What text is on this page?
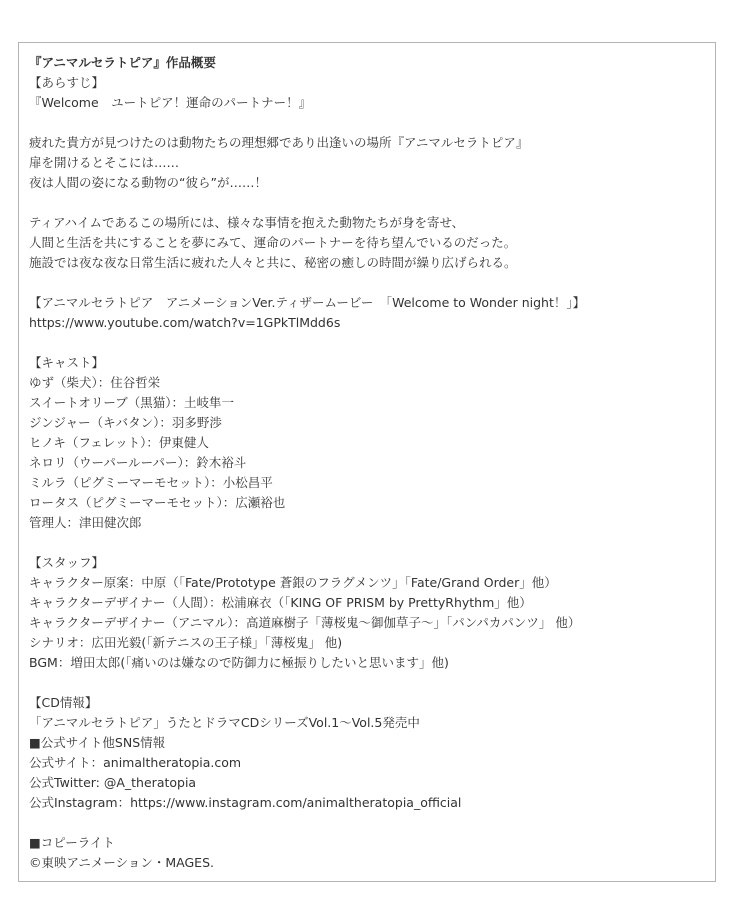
『アニマルセラトピア』作品概要
【あらすじ】
『Welcome　ユートピア！運命のパートナー！』
疲れた貴方が見つけたのは動物たちの理想郷であり出逢いの場所『アニマルセラトピア』
扉を開けるとそこには……
夜は人間の姿になる動物の“彼ら”が……！
ティアハイムであるこの場所には、様々な事情を抱えた動物たちが身を寄せ、
人間と生活を共にすることを夢にみて、運命のパートナーを待ち望んでいるのだった。
施設では夜な夜な日常生活に疲れた人々と共に、秘密の癒しの時間が繰り広げられる。
【アニマルセラトピア　アニメーションVer.ティザームービー　「Welcome to Wonder night！」】
https://www.youtube.com/watch?v=1GPkTlMdd6s
【キャスト】
ゆず（柴犬）：住谷哲栄
スイートオリーブ（黒猫）：土岐隼一
ジンジャー（キバタン）：羽多野渉
ヒノキ（フェレット）：伊東健人
ネロリ（ウーパールーパー）：鈴木裕斗
ミルラ（ピグミーマーモセット）：小松昌平
ロータス（ピグミーマーモセット）：広瀬裕也
管理人：津田健次郎
【スタッフ】
キャラクター原案：中原（「Fate/Prototype 蒼銀のフラグメンツ」「Fate/Grand Order」他）
キャラクターデザイナー（人間）：松浦麻衣（「KING OF PRISM by PrettyRhythm」他）
キャラクターデザイナー（アニマル）：高道麻樹子「薄桜鬼〜御伽草子〜」「パンパカパンツ」 他）
シナリオ：広田光毅(「新テニスの王子様」「薄桜鬼」 他)
BGM：増田太郎(「痛いのは嫌なので防御力に極振りしたいと思います」他)
【CD情報】
「アニマルセラトピア」うたとドラマCDシリーズVol.1〜Vol.5発売中
■公式サイト他SNS情報
公式サイト：animaltheratopia.com
公式Twitter: @A_theratopia
公式Instagram：https://www.instagram.com/animaltheratopia_official
■コピーライト
©東映アニメーション・MAGES.
